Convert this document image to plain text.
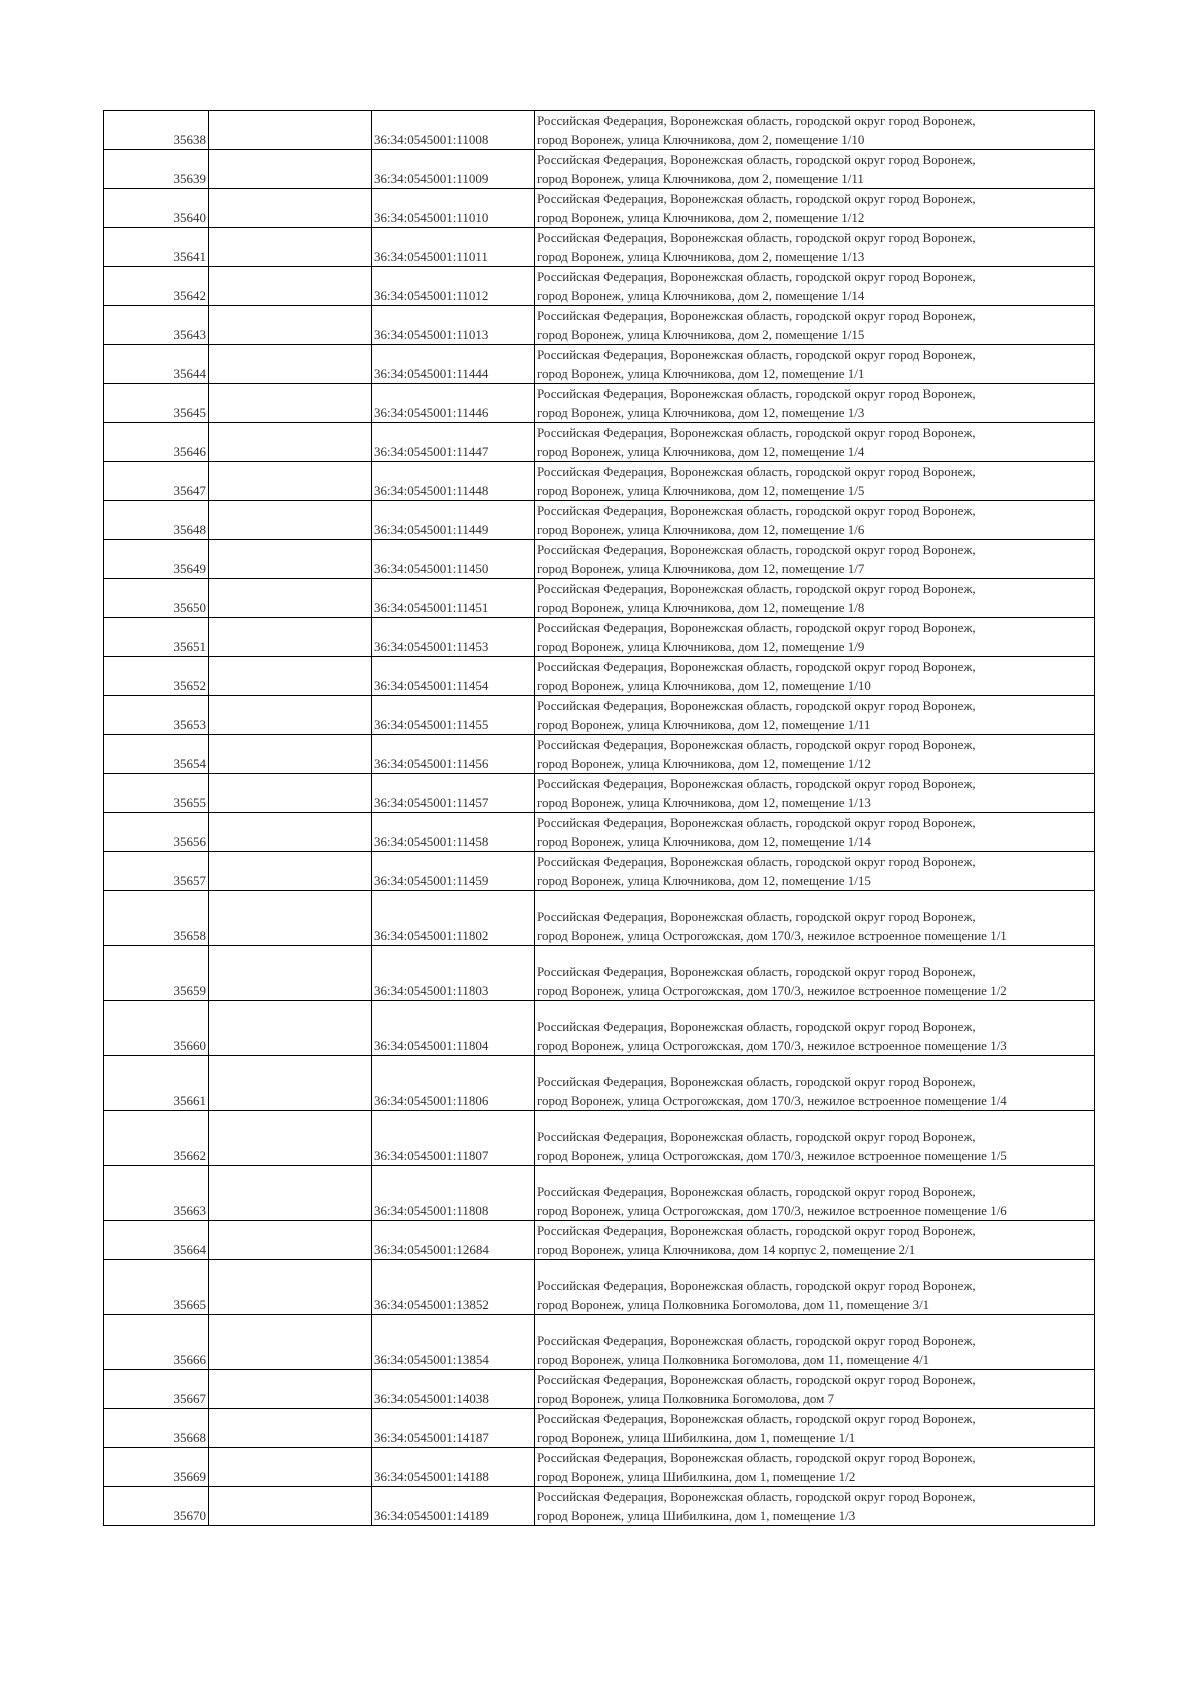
35638		36:34:0545001:11008	Российская Федерация, Воронежская область, городской округ город Воронеж,
город Воронеж, улица Ключникова, дом 2, помещение 1/10

35639		36:34:0545001:11009	Российская Федерация, Воронежская область, городской округ город Воронеж,
город Воронеж, улица Ключникова, дом 2, помещение 1/11

35640		36:34:0545001:11010	Российская Федерация, Воронежская область, городской округ город Воронеж,
город Воронеж, улица Ключникова, дом 2, помещение 1/12

35641		36:34:0545001:11011	Российская Федерация, Воронежская область, городской округ город Воронеж,
город Воронеж, улица Ключникова, дом 2, помещение 1/13

35642		36:34:0545001:11012	Российская Федерация, Воронежская область, городской округ город Воронеж,
город Воронеж, улица Ключникова, дом 2, помещение 1/14

35643		36:34:0545001:11013	Российская Федерация, Воронежская область, городской округ город Воронеж,
город Воронеж, улица Ключникова, дом 2, помещение 1/15

35644		36:34:0545001:11444	Российская Федерация, Воронежская область, городской округ город Воронеж,
город Воронеж, улица Ключникова, дом 12, помещение 1/1

35645		36:34:0545001:11446	Российская Федерация, Воронежская область, городской округ город Воронеж,
город Воронеж, улица Ключникова, дом 12, помещение 1/3

35646		36:34:0545001:11447	Российская Федерация, Воронежская область, городской округ город Воронеж,
город Воронеж, улица Ключникова, дом 12, помещение 1/4

35647		36:34:0545001:11448	Российская Федерация, Воронежская область, городской округ город Воронеж,
город Воронеж, улица Ключникова, дом 12, помещение 1/5

35648		36:34:0545001:11449	Российская Федерация, Воронежская область, городской округ город Воронеж,
город Воронеж, улица Ключникова, дом 12, помещение 1/6

35649		36:34:0545001:11450	Российская Федерация, Воронежская область, городской округ город Воронеж,
город Воронеж, улица Ключникова, дом 12, помещение 1/7

35650		36:34:0545001:11451	Российская Федерация, Воронежская область, городской округ город Воронеж,
город Воронеж, улица Ключникова, дом 12, помещение 1/8

35651		36:34:0545001:11453	Российская Федерация, Воронежская область, городской округ город Воронеж,
город Воронеж, улица Ключникова, дом 12, помещение 1/9

35652		36:34:0545001:11454	Российская Федерация, Воронежская область, городской округ город Воронеж,
город Воронеж, улица Ключникова, дом 12, помещение 1/10

35653		36:34:0545001:11455	Российская Федерация, Воронежская область, городской округ город Воронеж,
город Воронеж, улица Ключникова, дом 12, помещение 1/11

35654		36:34:0545001:11456	Российская Федерация, Воронежская область, городской округ город Воронеж,
город Воронеж, улица Ключникова, дом 12, помещение 1/12

35655		36:34:0545001:11457	Российская Федерация, Воронежская область, городской округ город Воронеж,
город Воронеж, улица Ключникова, дом 12, помещение 1/13

35656		36:34:0545001:11458	Российская Федерация, Воронежская область, городской округ город Воронеж,
город Воронеж, улица Ключникова, дом 12, помещение 1/14

35657		36:34:0545001:11459	Российская Федерация, Воронежская область, городской округ город Воронеж,
город Воронеж, улица Ключникова, дом 12, помещение 1/15

35658		36:34:0545001:11802	Российская Федерация, Воронежская область, городской округ город Воронеж,
город Воронеж, улица Острогожская, дом 170/3, нежилое встроенное помещение 1/1

35659		36:34:0545001:11803	Российская Федерация, Воронежская область, городской округ город Воронеж,
город Воронеж, улица Острогожская, дом 170/3, нежилое встроенное помещение 1/2

35660		36:34:0545001:11804	Российская Федерация, Воронежская область, городской округ город Воронеж,
город Воронеж, улица Острогожская, дом 170/3, нежилое встроенное помещение 1/3

35661		36:34:0545001:11806	Российская Федерация, Воронежская область, городской округ город Воронеж,
город Воронеж, улица Острогожская, дом 170/3, нежилое встроенное помещение 1/4

35662		36:34:0545001:11807	Российская Федерация, Воронежская область, городской округ город Воронеж,
город Воронеж, улица Острогожская, дом 170/3, нежилое встроенное помещение 1/5

35663		36:34:0545001:11808	Российская Федерация, Воронежская область, городской округ город Воронеж,
город Воронеж, улица Острогожская, дом 170/3, нежилое встроенное помещение 1/6

35664		36:34:0545001:12684	Российская Федерация, Воронежская область, городской округ город Воронеж,
город Воронеж, улица Ключникова, дом 14 корпус 2, помещение 2/1

35665		36:34:0545001:13852	Российская Федерация, Воронежская область, городской округ город Воронеж,
город Воронеж, улица Полковника Богомолова, дом 11, помещение 3/1

35666		36:34:0545001:13854	Российская Федерация, Воронежская область, городской округ город Воронеж,
город Воронеж, улица Полковника Богомолова, дом 11, помещение 4/1

35667		36:34:0545001:14038	Российская Федерация, Воронежская область, городской округ город Воронеж,
город Воронеж, улица Полковника Богомолова, дом 7

35668		36:34:0545001:14187	Российская Федерация, Воронежская область, городской округ город Воронеж,
город Воронеж, улица Шибилкина, дом 1, помещение 1/1

35669		36:34:0545001:14188	Российская Федерация, Воронежская область, городской округ город Воронеж,
город Воронеж, улица Шибилкина, дом 1, помещение 1/2

35670		36:34:0545001:14189	Российская Федерация, Воронежская область, городской округ город Воронеж,
город Воронеж, улица Шибилкина, дом 1, помещение 1/3
